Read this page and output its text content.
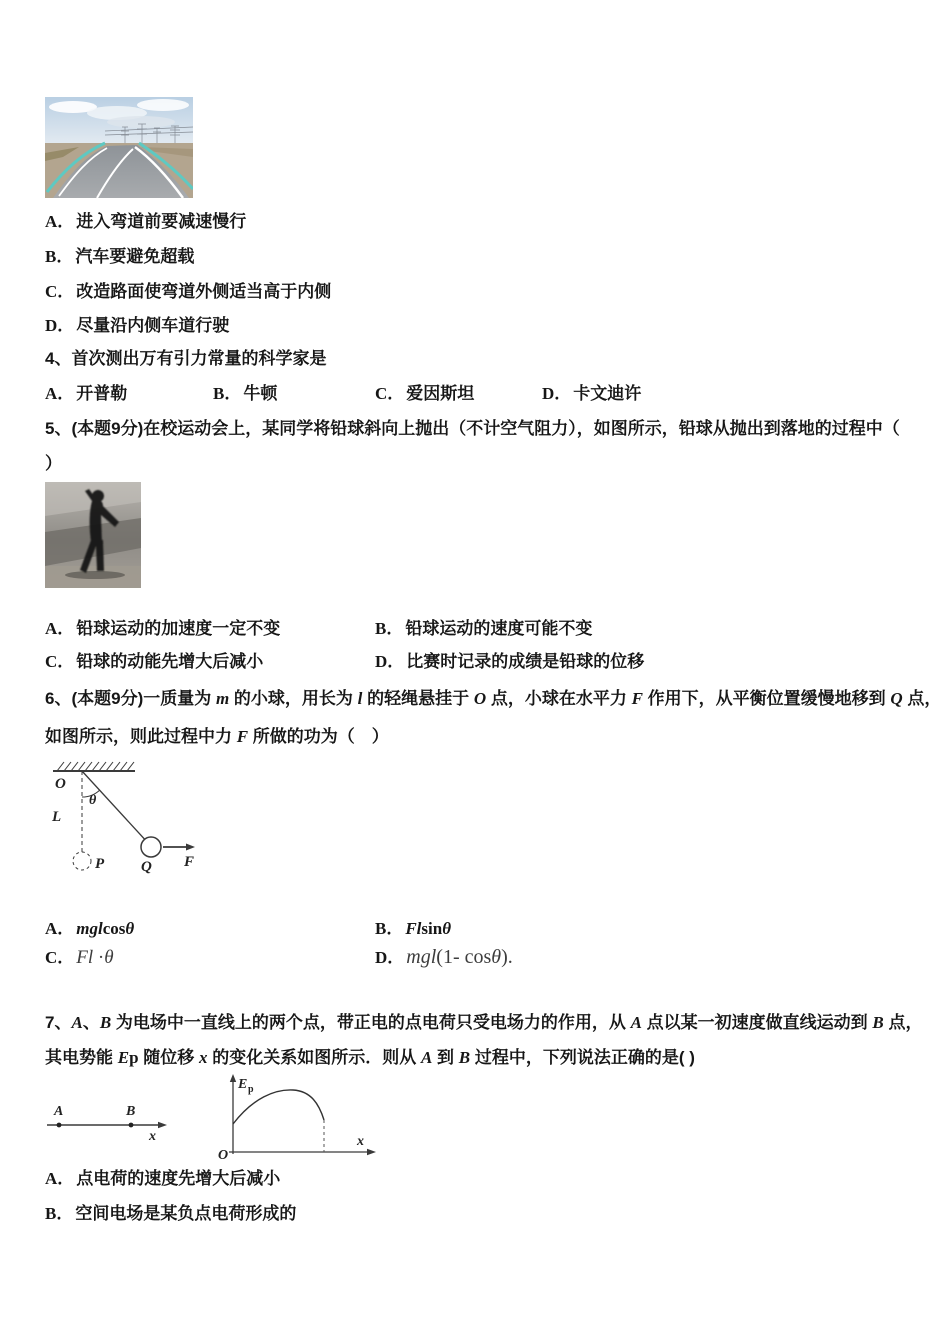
A． 进入弯道前要减速慢行
B． 汽车要避免超载
C． 改造路面使弯道外侧适当高于内侧
D． 尽量沿内侧车道行驶
4、首次测出万有引力常量的科学家是
A． 开普勒	B． 牛顿	C． 爱因斯坦	D． 卡文迪许
5、(本题9分)在校运动会上，某同学将铅球斜向上抛出（不计空气阻力），如图所示，铅球从抛出到落地的过程中（
）
A． 铅球运动的加速度一定不变	B． 铅球运动的速度可能不变
C． 铅球的动能先增大后减小	D． 比赛时记录的成绩是铅球的位移
6、(本题9分)一质量为 m 的小球，用长为 l 的轻绳悬挂于 O 点，小球在水平力 F 作用下，从平衡位置缓慢地移到 Q 点，
如图所示，则此过程中力 F 所做的功为（　）
O
θ
L
P Q F
A． mglcosθ	B． Flsinθ
C． Fl ·θ	D． mgl(1- cosθ).
7、A、B 为电场中一直线上的两个点，带正电的点电荷只受电场力的作用，从 A 点以某一初速度做直线运动到 B 点，
其电势能 Ep 随位移 x 的变化关系如图所示．则从 A 到 B 过程中，下列说法正确的是( )
A	B
x
E p
x
O
A． 点电荷的速度先增大后减小
B． 空间电场是某负点电荷形成的
